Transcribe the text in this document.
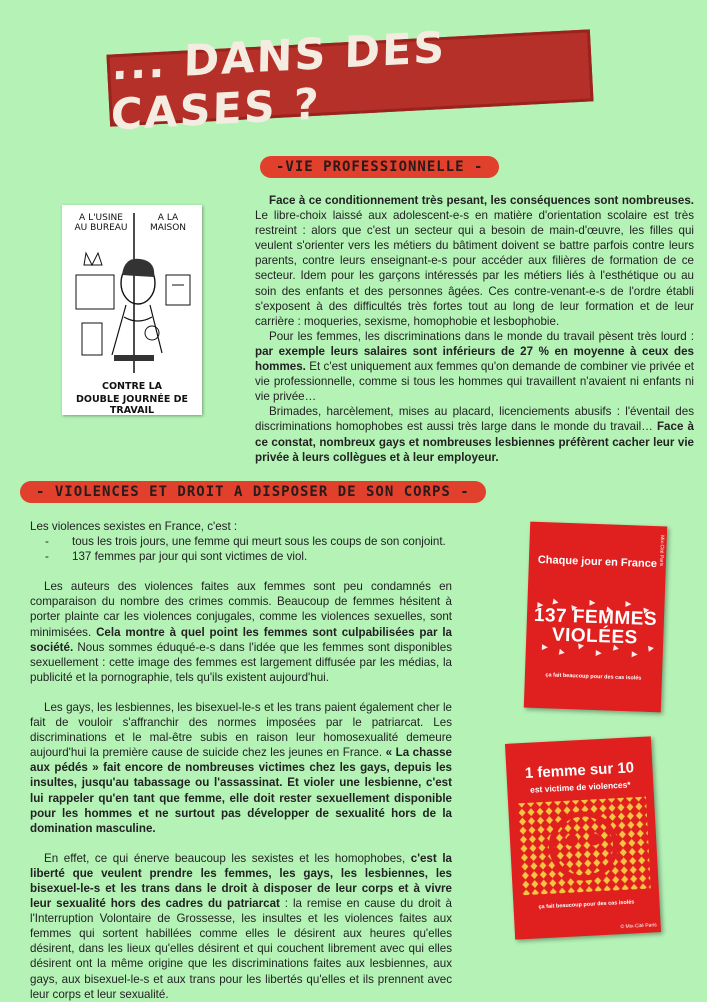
... DANS DES CASES ?
-VIE PROFESSIONNELLE -
A L'USINE
AU BUREAU
A LA
MAISON
CONTRE LA
DOUBLE JOURNÉE DE TRAVAIL

Face à ce conditionnement très pesant, les conséquences sont nombreuses. Le libre-choix laissé aux adolescent-e-s en matière d'orientation scolaire est très restreint : alors que c'est un secteur qui a besoin de main-d'œuvre, les filles qui veulent s'orienter vers les métiers du bâtiment doivent se battre parfois contre leurs parents, contre leurs enseignant-e-s pour accéder aux filières de formation de ce secteur. Idem pour les garçons intéressés par les métiers liés à l'esthétique ou au soin des enfants et des personnes âgées. Ces contre-venant-e-s de l'ordre établi s'exposent à des difficultés très fortes tout au long de leur formation et de leur carrière : moqueries, sexisme, homophobie et lesbophobie.

Pour les femmes, les discriminations dans le monde du travail pèsent très lourd : par exemple leurs salaires sont inférieurs de 27 % en moyenne à ceux des hommes. Et c'est uniquement aux femmes qu'on demande de combiner vie privée et vie professionnelle, comme si tous les hommes qui travaillent n'avaient ni enfants ni vie privée…

Brimades, harcèlement, mises au placard, licenciements abusifs : l'éventail des discriminations homophobes est aussi très large dans le monde du travail… Face à ce constat, nombreux gays et nombreuses lesbiennes préfèrent cacher leur vie privée à leurs collègues et à leur employeur.

- VIOLENCES ET DROIT A DISPOSER DE SON CORPS -

Les violences sexistes en France, c'est :

-	tous les trois jours, une femme qui meurt sous les coups de son conjoint.
-	137 femmes par jour qui sont victimes de viol.

Les auteurs des violences faites aux femmes sont peu condamnés en comparaison du nombre des crimes commis. Beaucoup de femmes hésitent à porter plainte car les violences conjugales, comme les violences sexuelles, sont minimisées. Cela montre à quel point les femmes sont culpabilisées par la société. Nous sommes éduqué-e-s dans l'idée que les femmes sont disponibles sexuellement : cette image des femmes est largement diffusée par les médias, la publicité et la pornographie, tels qu'ils existent aujourd'hui.

Les gays, les lesbiennes, les bisexuel-le-s et les trans paient également cher le fait de vouloir s'affranchir des normes imposées par le patriarcat. Les discriminations et le mal-être subis en raison leur homosexualité demeure aujourd'hui la première cause de suicide chez les jeunes en France. « La chasse aux pédés » fait encore de nombreuses victimes chez les gays, depuis les insultes, jusqu'au tabassage ou l'assassinat. Et violer une lesbienne, c'est lui rappeler qu'en tant que femme, elle doit rester sexuellement disponible pour les hommes et ne surtout pas développer de sexualité hors de la domination masculine.

En effet, ce qui énerve beaucoup les sexistes et les homophobes, c'est la liberté que veulent prendre les femmes, les gays, les lesbiennes, les bisexuel-le-s et les trans dans le droit à disposer de leur corps et à vivre leur sexualité hors des cadres du patriarcat : la remise en cause du droit à l'Interruption Volontaire de Grossesse, les insultes et les violences faites aux femmes qui sortent habillées comme elles le désirent aux heures qu'elles désirent, dans les lieux qu'elles désirent et qui couchent librement avec qui elles désirent ont la même origine que les discriminations faites aux lesbiennes, aux gays, aux bisexuel-le-s et aux trans pour les libertés qu'elles et ils prennent avec leur corps et leur sexualité.

Chaque jour en France
137 FEMMES
VIOLÉES
ça fait beaucoup pour des cas isolés
Mix-Cité Paris
1 femme sur 10
est victime de violences*
ça fait beaucoup pour des cas isolés
© Mix-Cité Paris
